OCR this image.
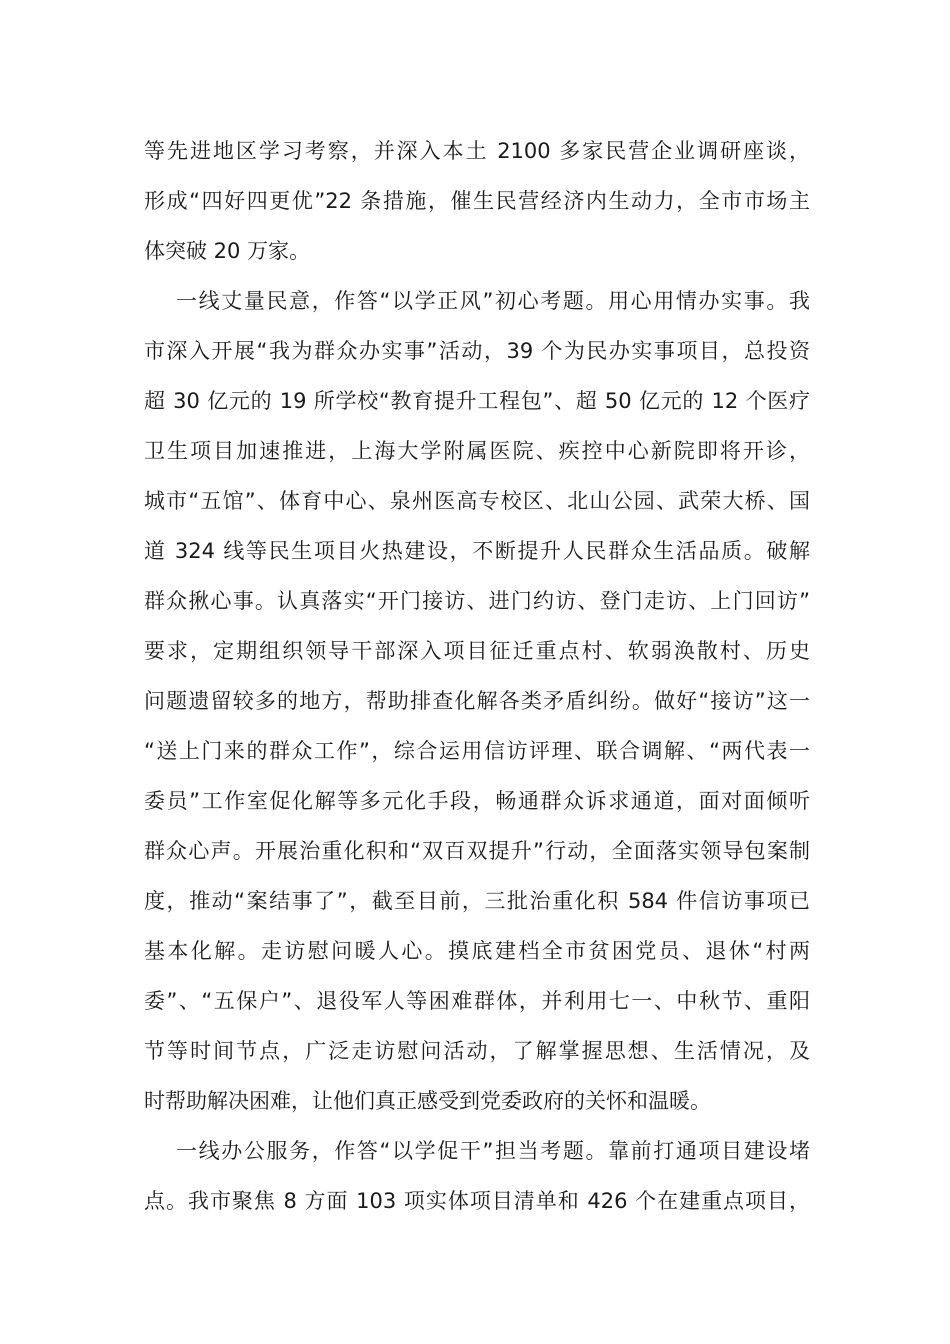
等先进地区学习考察，并深入本土 2100 多家民营企业调研座谈，
形成“四好四更优”22 条措施，催生民营经济内生动力，全市市场主
体突破 20 万家。
一线丈量民意，作答“以学正风”初心考题。用心用情办实事。我
市深入开展“我为群众办实事”活动，39 个为民办实事项目，总投资
超 30 亿元的 19 所学校“教育提升工程包”、超 50 亿元的 12 个医疗
卫生项目加速推进，上海大学附属医院、疾控中心新院即将开诊，
城市“五馆”、体育中心、泉州医高专校区、北山公园、武荣大桥、国
道 324 线等民生项目火热建设，不断提升人民群众生活品质。破解
群众揪心事。认真落实“开门接访、进门约访、登门走访、上门回访”
要求，定期组织领导干部深入项目征迁重点村、软弱涣散村、历史
问题遗留较多的地方，帮助排查化解各类矛盾纠纷。做好“接访”这一
“送上门来的群众工作”，综合运用信访评理、联合调解、“两代表一
委员”工作室促化解等多元化手段，畅通群众诉求通道，面对面倾听
群众心声。开展治重化积和“双百双提升”行动，全面落实领导包案制
度，推动“案结事了”，截至目前，三批治重化积 584 件信访事项已
基本化解。走访慰问暖人心。摸底建档全市贫困党员、退休“村两
委”、“五保户”、退役军人等困难群体，并利用七一、中秋节、重阳
节等时间节点，广泛走访慰问活动，了解掌握思想、生活情况，及
时帮助解决困难，让他们真正感受到党委政府的关怀和温暖。
一线办公服务，作答“以学促干”担当考题。靠前打通项目建设堵
点。我市聚焦 8 方面 103 项实体项目清单和 426 个在建重点项目，
